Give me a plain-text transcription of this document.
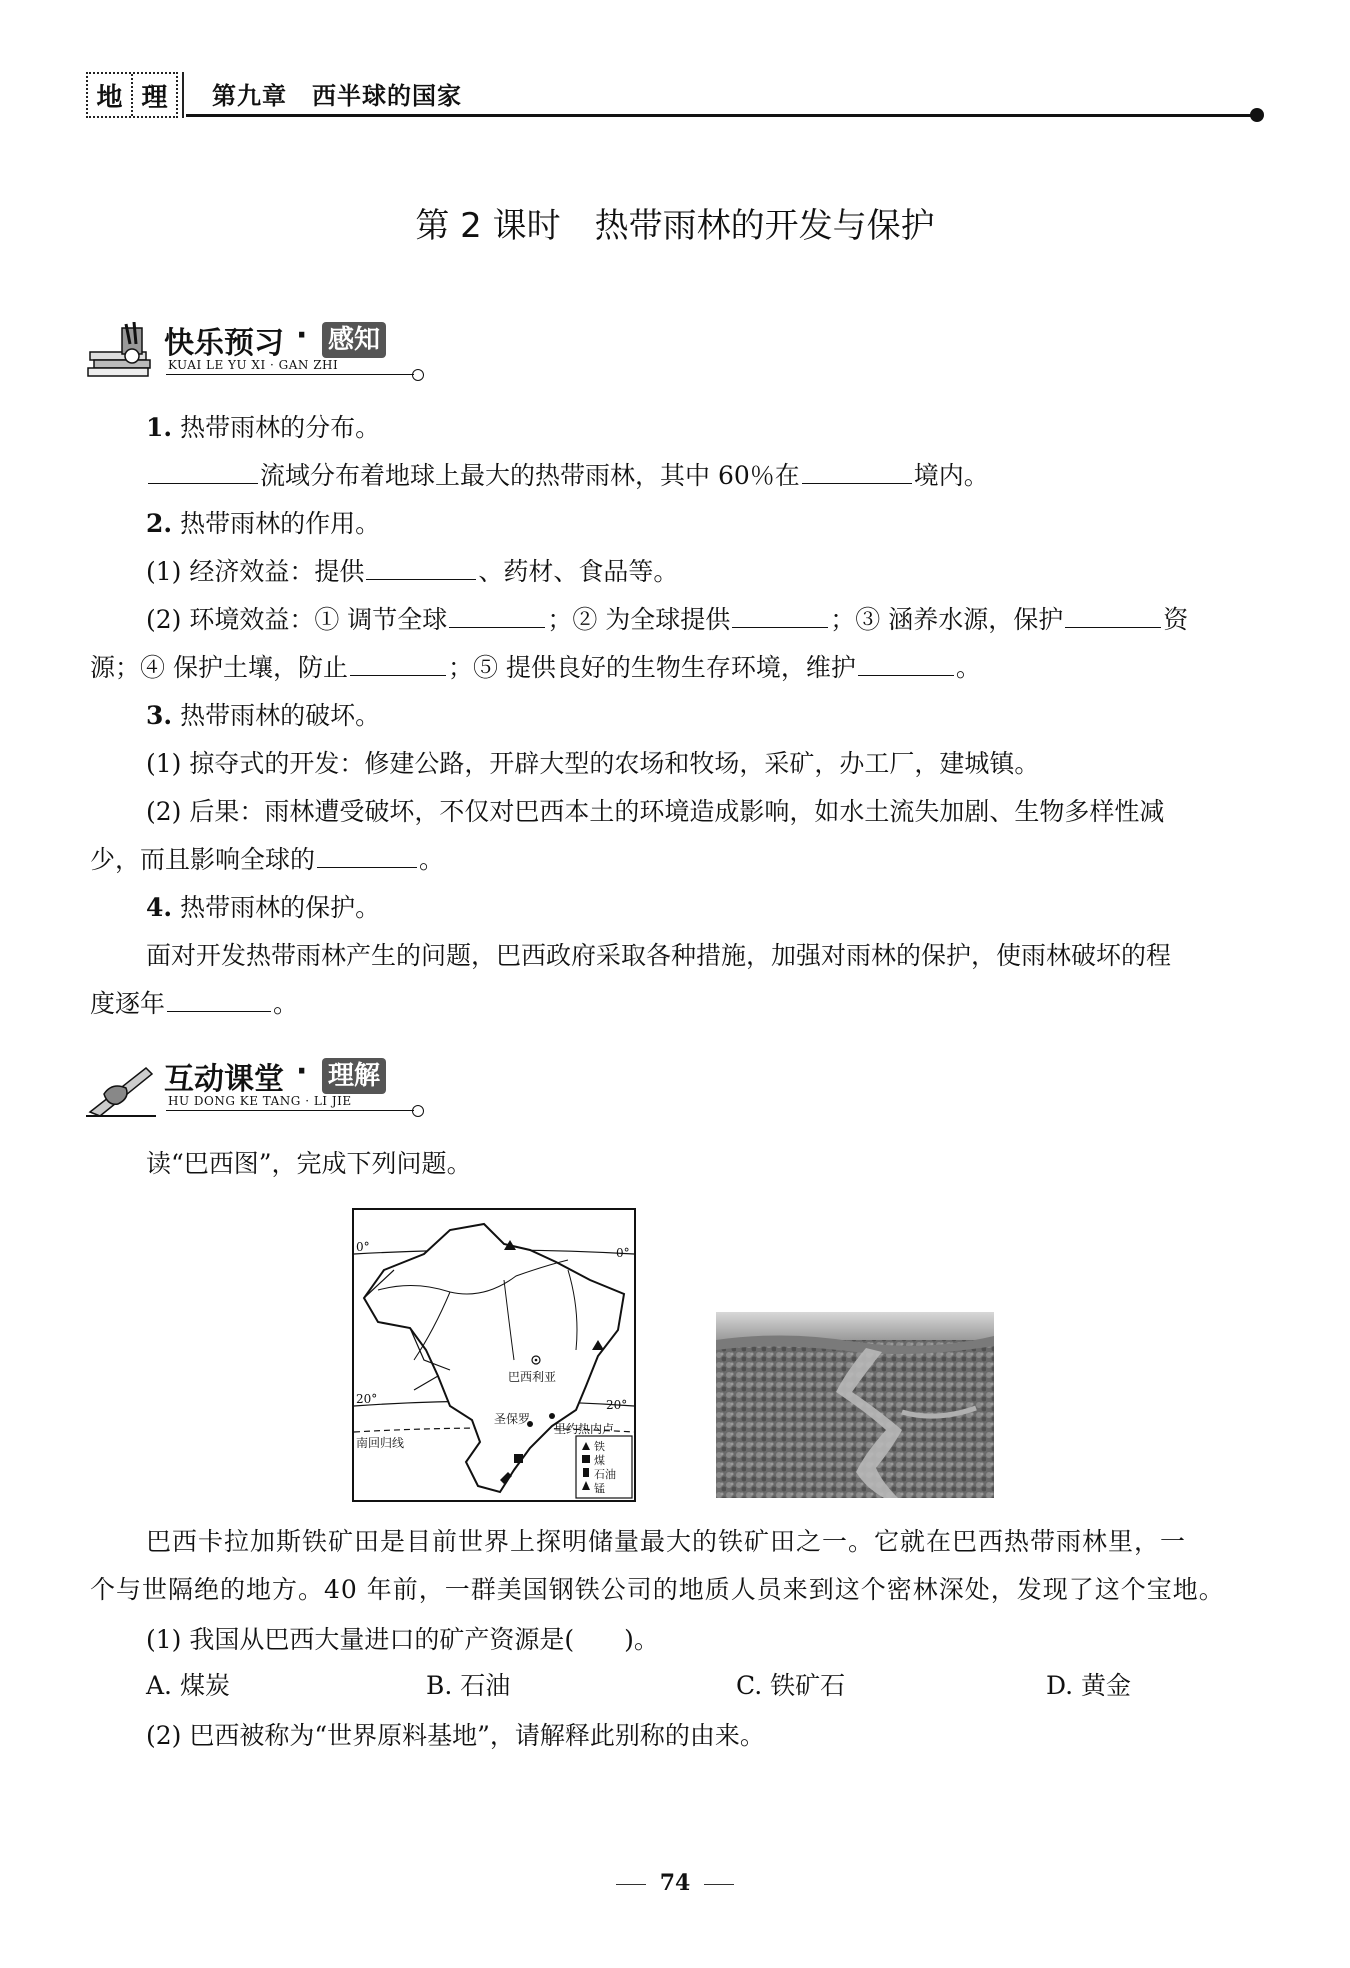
地 理	第九章　西半球的国家
第 2 课时　热带雨林的开发与保护
快乐预习 · 感知
KUAI LE YU XI · GAN ZHI
1. 热带雨林的分布。
流域分布着地球上最大的热带雨林，其中 60％在	境内。
2. 热带雨林的作用。
(1) 经济效益：提供	、药材、食品等。
(2) 环境效益：① 调节全球	；② 为全球提供	；③ 涵养水源，保护	资
源；④ 保护土壤，防止	；⑤ 提供良好的生物生存环境，维护	。
3. 热带雨林的破坏。
(1) 掠夺式的开发：修建公路，开辟大型的农场和牧场，采矿，办工厂，建城镇。
(2) 后果：雨林遭受破坏，不仅对巴西本土的环境造成影响，如水土流失加剧、生物多样性减
少，而且影响全球的	。
4. 热带雨林的保护。
面对开发热带雨林产生的问题，巴西政府采取各种措施，加强对雨林的保护，使雨林破坏的程
度逐年	。
互动课堂 · 理解
HU DONG KE TANG · LI JIE
读“巴西图”，完成下列问题。
0°	0°
20°	20°
南回归线
巴西利亚
圣保罗
里约热内卢
铁
煤
石油
锰
巴西卡拉加斯铁矿田是目前世界上探明储量最大的铁矿田之一。它就在巴西热带雨林里，一
个与世隔绝的地方。40 年前，一群美国钢铁公司的地质人员来到这个密林深处，发现了这个宝地。
(1) 我国从巴西大量进口的矿产资源是(　　)。
A. 煤炭	B. 石油	C. 铁矿石	D. 黄金
(2) 巴西被称为“世界原料基地”，请解释此别称的由来。
74
